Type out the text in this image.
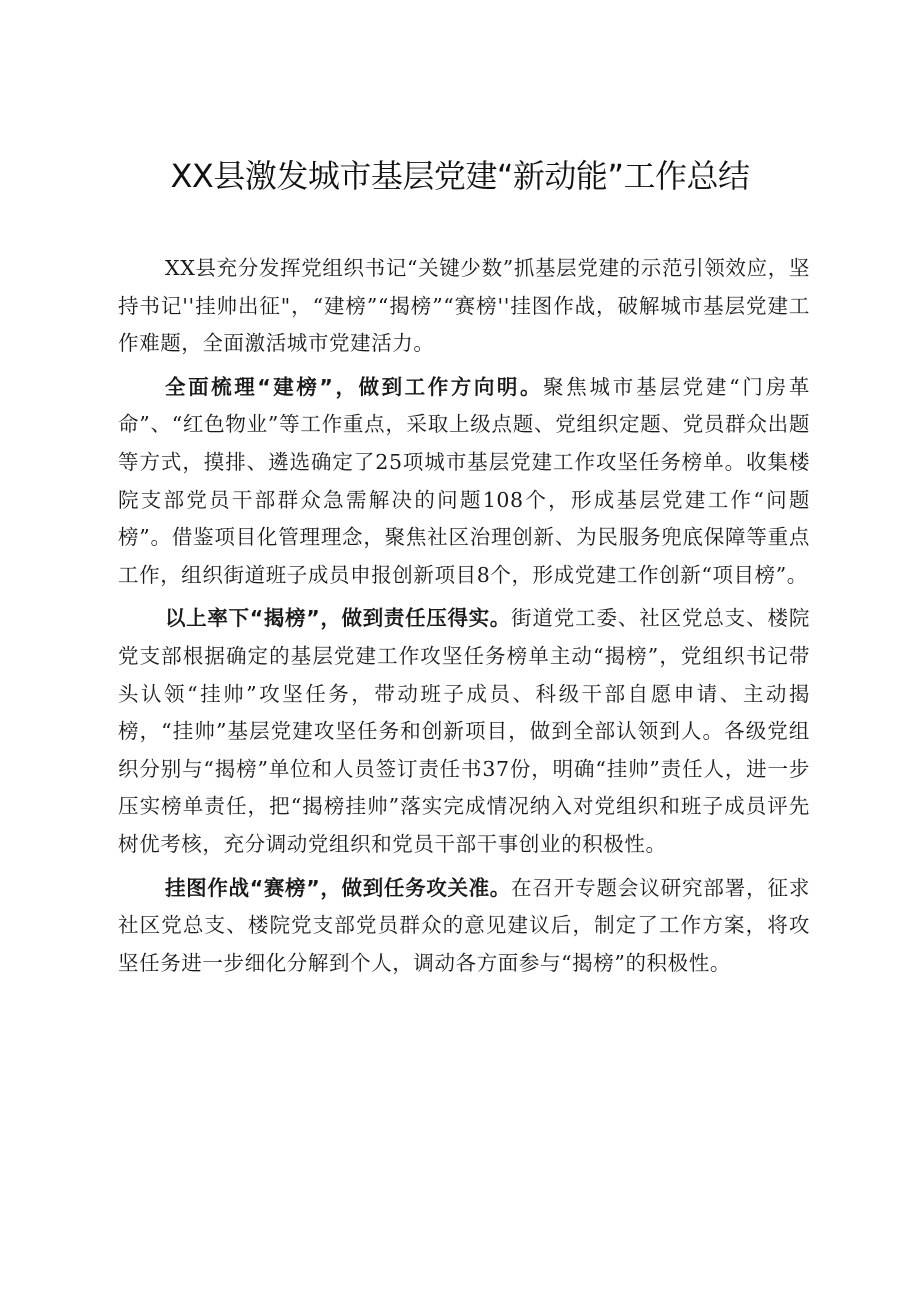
XX县激发城市基层党建“新动能”工作总结

XX县充分发挥党组织书记“关键少数”抓基层党建的示范引领效应，坚持书记''挂帅出征"，“建榜”“揭榜”“赛榜''挂图作战，破解城市基层党建工作难题，全面激活城市党建活力。

全面梳理“建榜”，做到工作方向明。聚焦城市基层党建“门房革命”、“红色物业”等工作重点，采取上级点题、党组织定题、党员群众出题等方式，摸排、遴选确定了25项城市基层党建工作攻坚任务榜单。收集楼院支部党员干部群众急需解决的问题108个，形成基层党建工作“问题榜”。借鉴项目化管理理念，聚焦社区治理创新、为民服务兜底保障等重点工作，组织街道班子成员申报创新项目8个，形成党建工作创新“项目榜”。

以上率下“揭榜”，做到责任压得实。街道党工委、社区党总支、楼院党支部根据确定的基层党建工作攻坚任务榜单主动“揭榜”，党组织书记带头认领“挂帅”攻坚任务，带动班子成员、科级干部自愿申请、主动揭榜，“挂帅”基层党建攻坚任务和创新项目，做到全部认领到人。各级党组织分别与“揭榜”单位和人员签订责任书37份，明确“挂帅”责任人，进一步压实榜单责任，把“揭榜挂帅”落实完成情况纳入对党组织和班子成员评先树优考核，充分调动党组织和党员干部干事创业的积极性。

挂图作战“赛榜”，做到任务攻关准。在召开专题会议研究部署，征求社区党总支、楼院党支部党员群众的意见建议后，制定了工作方案，将攻坚任务进一步细化分解到个人，调动各方面参与“揭榜”的积极性。
